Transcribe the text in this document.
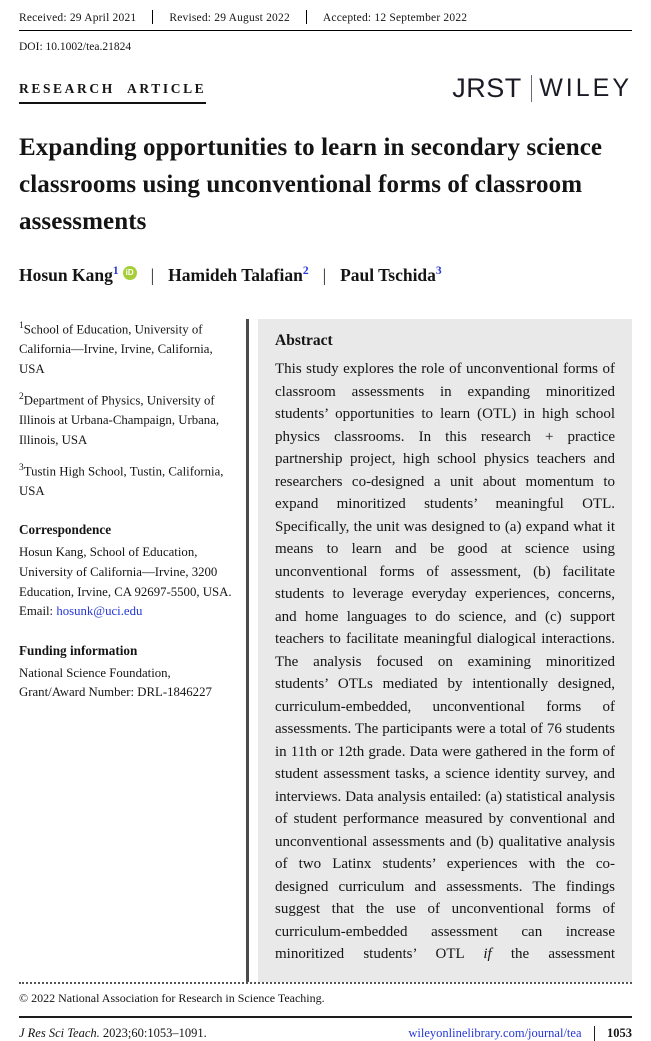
Received: 29 April 2021	Revised: 29 August 2022	Accepted: 12 September 2022
DOI: 10.1002/tea.21824
RESEARCH ARTICLE	JRST WILEY
Expanding opportunities to learn in secondary science classrooms using unconventional forms of classroom assessments
Hosun Kang$^1$ iD | Hamideh Talafian$^2$ | Paul Tschida$^3$

$^1$School of Education, University of California—Irvine, Irvine, California, USA

$^2$Department of Physics, University of Illinois at Urbana-Champaign, Urbana, Illinois, USA

$^3$Tustin High School, Tustin, California, USA

Correspondence

Hosun Kang, School of Education, University of California—Irvine, 3200 Education, Irvine, CA 92697-5500, USA.
Email: hosunk@uci.edu

Funding information

National Science Foundation, Grant/Award Number: DRL-1846227

Abstract

This study explores the role of unconventional forms of classroom assessments in expanding minoritized students’ opportunities to learn (OTL) in high school physics classrooms. In this research + practice partnership project, high school physics teachers and researchers co-designed a unit about momentum to expand minoritized students’ meaningful OTL. Specifically, the unit was designed to (a) expand what it means to learn and be good at science using unconventional forms of assessment, (b) facilitate students to leverage everyday experiences, concerns, and home languages to do science, and (c) support teachers to facilitate meaningful dialogical interactions. The analysis focused on examining minoritized students’ OTLs mediated by intentionally designed, curriculum-embedded, unconventional forms of assessments. The participants were a total of 76 students in 11th or 12th grade. Data were gathered in the form of student assessment tasks, a science identity survey, and interviews. Data analysis entailed: (a) statistical analysis of student performance measured by conventional and unconventional assessments and (b) qualitative analysis of two Latinx students’ experiences with the co-designed curriculum and assessments. The findings suggest that the use of unconventional forms of curriculum-embedded assessment can increase minoritized students’ OTL if the assessment

© 2022 National Association for Research in Science Teaching.
J Res Sci Teach. 2023;60:1053–1091.	wileyonlinelibrary.com/journal/tea 1053
